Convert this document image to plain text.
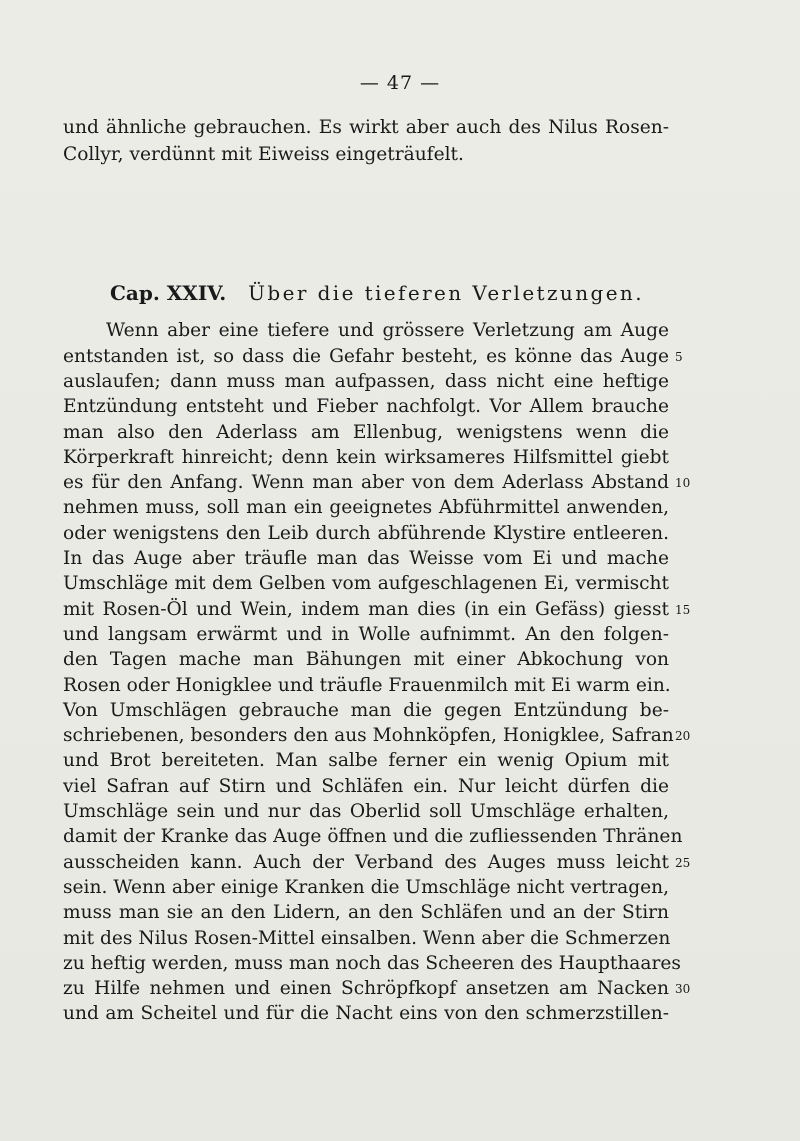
— 47 —
und ähnliche gebrauchen. Es wirkt aber auch des Nilus Rosen-
Collyr, verdünnt mit Eiweiss eingeträufelt.
Cap. XXIV. Über die tieferen Verletzungen.
Wenn aber eine tiefere und grössere Verletzung am Auge
entstanden ist, so dass die Gefahr besteht, es könne das Auge
auslaufen; dann muss man aufpassen, dass nicht eine heftige
Entzündung entsteht und Fieber nachfolgt. Vor Allem brauche
man also den Aderlass am Ellenbug, wenigstens wenn die
Körperkraft hinreicht; denn kein wirksameres Hilfsmittel giebt
es für den Anfang. Wenn man aber von dem Aderlass Abstand
nehmen muss, soll man ein geeignetes Abführmittel anwenden,
oder wenigstens den Leib durch abführende Klystire entleeren.
In das Auge aber träufle man das Weisse vom Ei und mache
Umschläge mit dem Gelben vom aufgeschlagenen Ei, vermischt
mit Rosen-Öl und Wein, indem man dies (in ein Gefäss) giesst
und langsam erwärmt und in Wolle aufnimmt. An den folgen-
den Tagen mache man Bähungen mit einer Abkochung von
Rosen oder Honigklee und träufle Frauenmilch mit Ei warm ein.
Von Umschlägen gebrauche man die gegen Entzündung be-
schriebenen, besonders den aus Mohnköpfen, Honigklee, Safran
und Brot bereiteten. Man salbe ferner ein wenig Opium mit
viel Safran auf Stirn und Schläfen ein. Nur leicht dürfen die
Umschläge sein und nur das Oberlid soll Umschläge erhalten,
damit der Kranke das Auge öffnen und die zufliessenden Thränen
ausscheiden kann. Auch der Verband des Auges muss leicht
sein. Wenn aber einige Kranken die Umschläge nicht vertragen,
muss man sie an den Lidern, an den Schläfen und an der Stirn
mit des Nilus Rosen-Mittel einsalben. Wenn aber die Schmerzen
zu heftig werden, muss man noch das Scheeren des Haupthaares
zu Hilfe nehmen und einen Schröpfkopf ansetzen am Nacken
und am Scheitel und für die Nacht eins von den schmerzstillen-
5
10
15
20
25
30
